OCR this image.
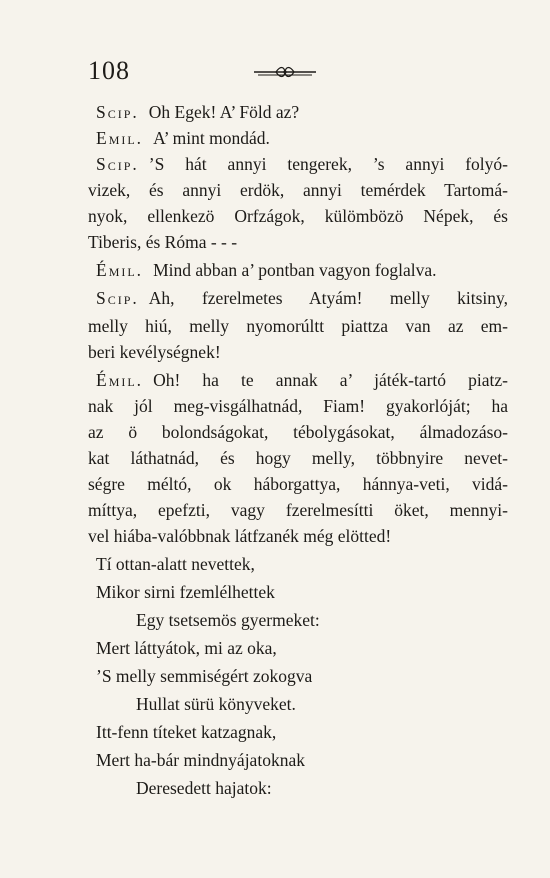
108
Scip. Oh Egek! A’ Föld az?
Emil. A’ mint mondád.
Scip. ’S hát annyi tengerek, ’s annyi folyó-
vizek, és annyi erdök, annyi temérdek Tartomá-
nyok, ellenkezö Orfzágok, külömbözö Népek, és
Tiberis, és Róma - - -
Émil. Mind abban a’ pontban vagyon foglalva.
Scip. Ah, fzerelmetes Atyám! melly kitsiny,
melly hiú, melly nyomorúltt piattza van az em-
beri kevélységnek!
Émil. Oh! ha te annak a’ játék-tartó piatz-
nak jól meg-visgálhatnád, Fiam! gyakorlóját; ha
az ö bolondságokat, tébolygásokat, álmadozáso-
kat láthatnád, és hogy melly, többnyire nevet-
ségre méltó, ok háborgattya, hánnya-veti, vidá-
míttya, epefzti, vagy fzerelmesítti öket, mennyi-
vel hiába-valóbbnak látfzanék még elötted!
Tí ottan-alatt nevettek,
Mikor sirni fzemlélhettek
Egy tsetsemös gyermeket:
Mert láttyátok, mi az oka,
’S melly semmiségért zokogva
Hullat sürü könyveket.
Itt-fenn títeket katzagnak,
Mert ha-bár mindnyájatoknak
Deresedett hajatok:
